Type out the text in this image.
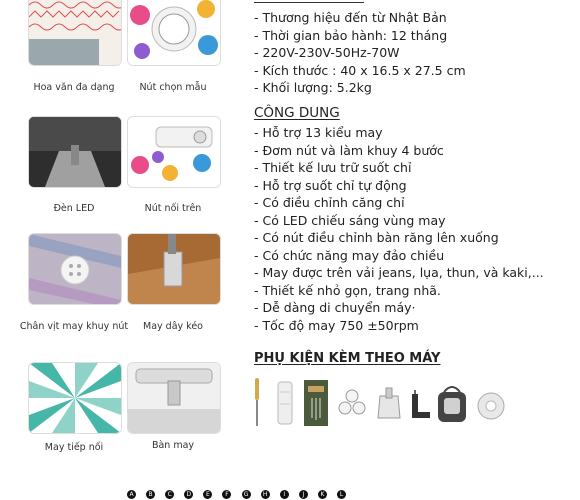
Hoa văn đa dạng	Nút chọn mẫu
Đèn LED	Nút nối trên
Chân vịt may khuy nút	May dây kéo
May tiếp nối	Bàn may
- Thương hiệu đến từ Nhật Bản
- Thời gian bảo hành: 12 tháng
- 220V-230V-50Hz-70W
- Kích thước : 40 x 16.5 x 27.5 cm
- Khối lượng: 5.2kg
CÔNG DUNG
- Hỗ trợ 13 kiểu may
- Đơm nút và làm khuy 4 bước
- Thiết kế lưu trữ suốt chỉ
- Hỗ trợ suốt chỉ tự động
- Có điều chỉnh căng chỉ
- Có LED chiếu sáng vùng may
- Có nút điều chỉnh bàn răng lên xuống
- Có chức năng may đảo chiều
- May được trên vải jeans, lụa, thun, và kaki,...
- Thiết kế nhỏ gọn, trang nhã.
- Dễ dàng di chuyển máy·
- Tốc độ may 750 ±50rpm
PHỤ KIỆN KÈM THEO MÁY
A B C D E	F	G H	I	J	K	L
